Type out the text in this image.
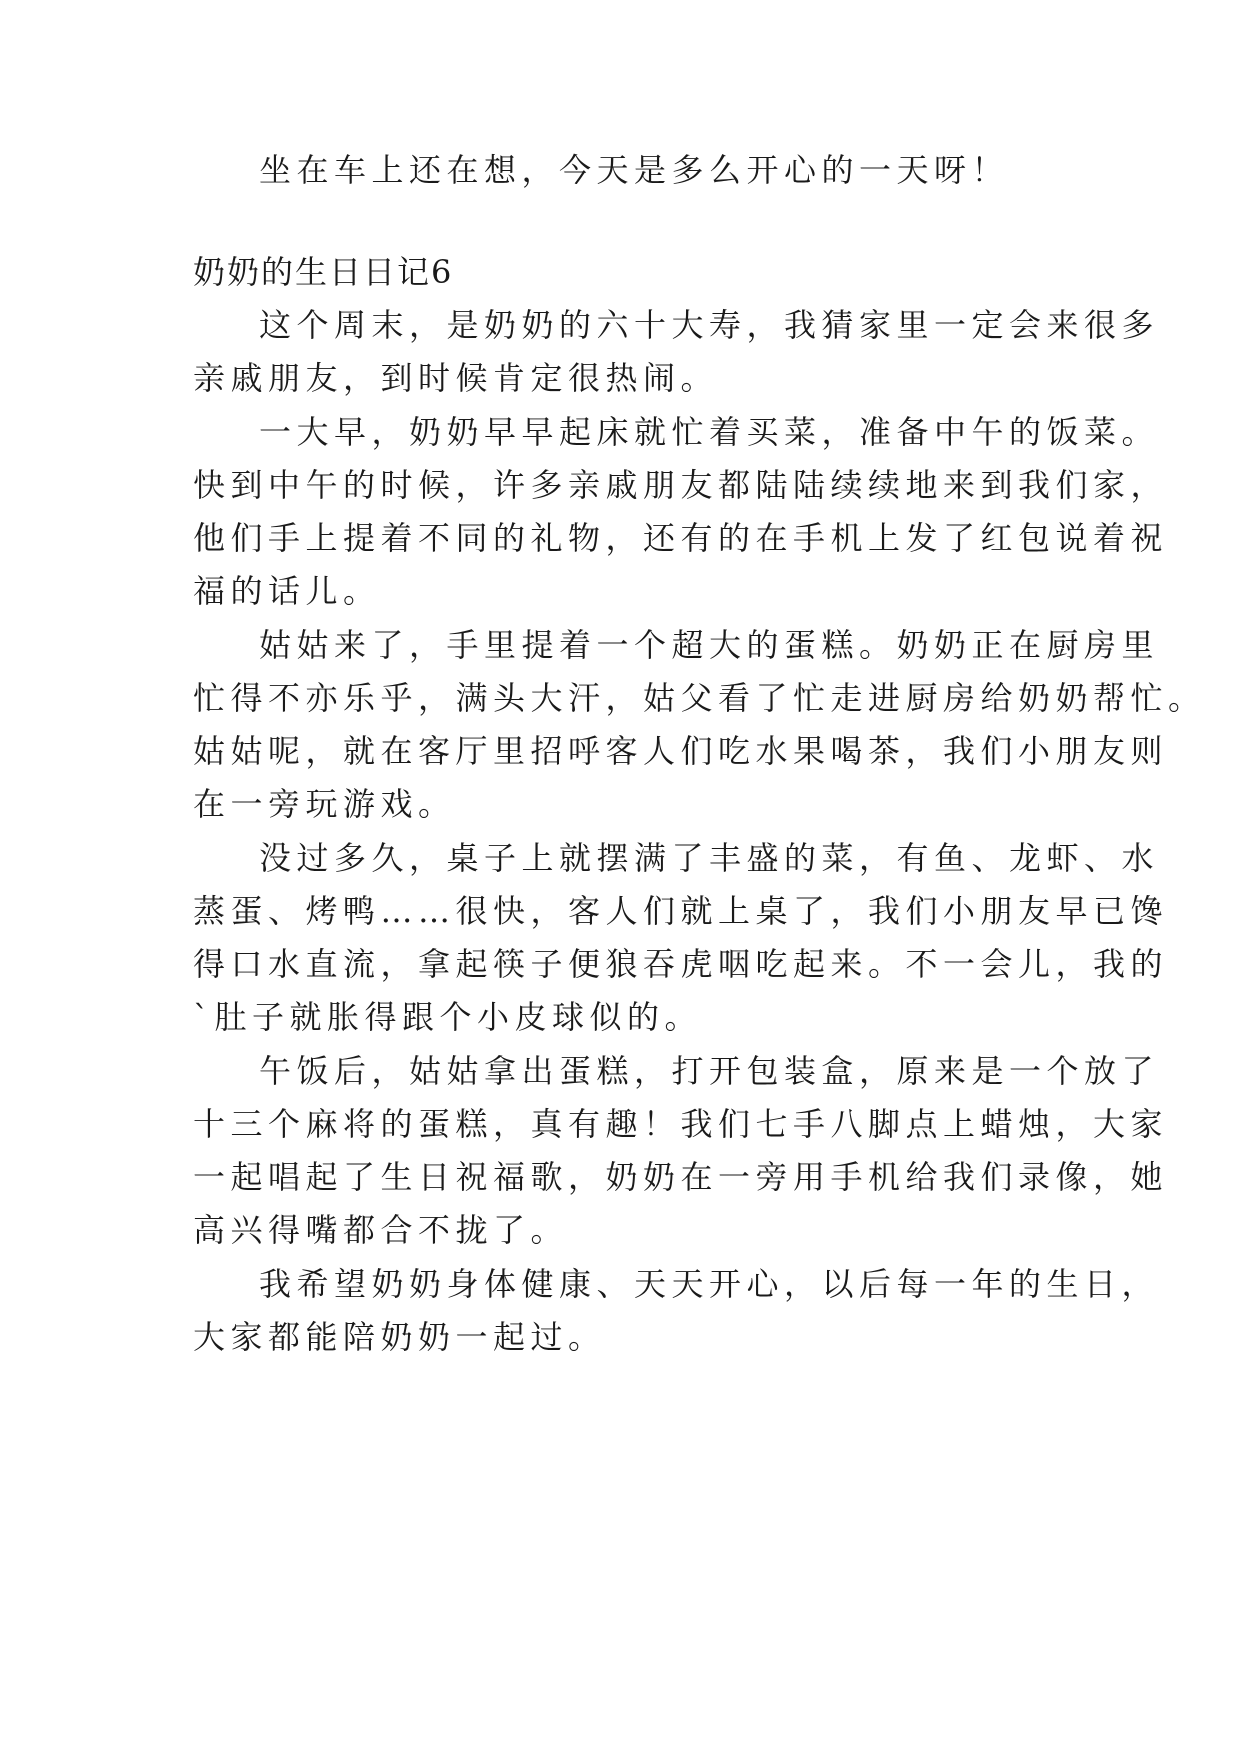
坐在车上还在想，今天是多么开心的一天呀！
奶奶的生日日记6
这个周末，是奶奶的六十大寿，我猜家里一定会来很多
亲戚朋友，到时候肯定很热闹。
一大早，奶奶早早起床就忙着买菜，准备中午的饭菜。
快到中午的时候，许多亲戚朋友都陆陆续续地来到我们家，
他们手上提着不同的礼物，还有的在手机上发了红包说着祝
福的话儿。
姑姑来了，手里提着一个超大的蛋糕。奶奶正在厨房里
忙得不亦乐乎，满头大汗，姑父看了忙走进厨房给奶奶帮忙。
姑姑呢，就在客厅里招呼客人们吃水果喝茶，我们小朋友则
在一旁玩游戏。
没过多久，桌子上就摆满了丰盛的菜，有鱼、龙虾、水
蒸蛋、烤鸭……很快，客人们就上桌了，我们小朋友早已馋
得口水直流，拿起筷子便狼吞虎咽吃起来。不一会儿，我的
`肚子就胀得跟个小皮球似的。
午饭后，姑姑拿出蛋糕，打开包装盒，原来是一个放了
十三个麻将的蛋糕，真有趣！我们七手八脚点上蜡烛，大家
一起唱起了生日祝福歌，奶奶在一旁用手机给我们录像，她
高兴得嘴都合不拢了。
我希望奶奶身体健康、天天开心，以后每一年的生日，
大家都能陪奶奶一起过。
